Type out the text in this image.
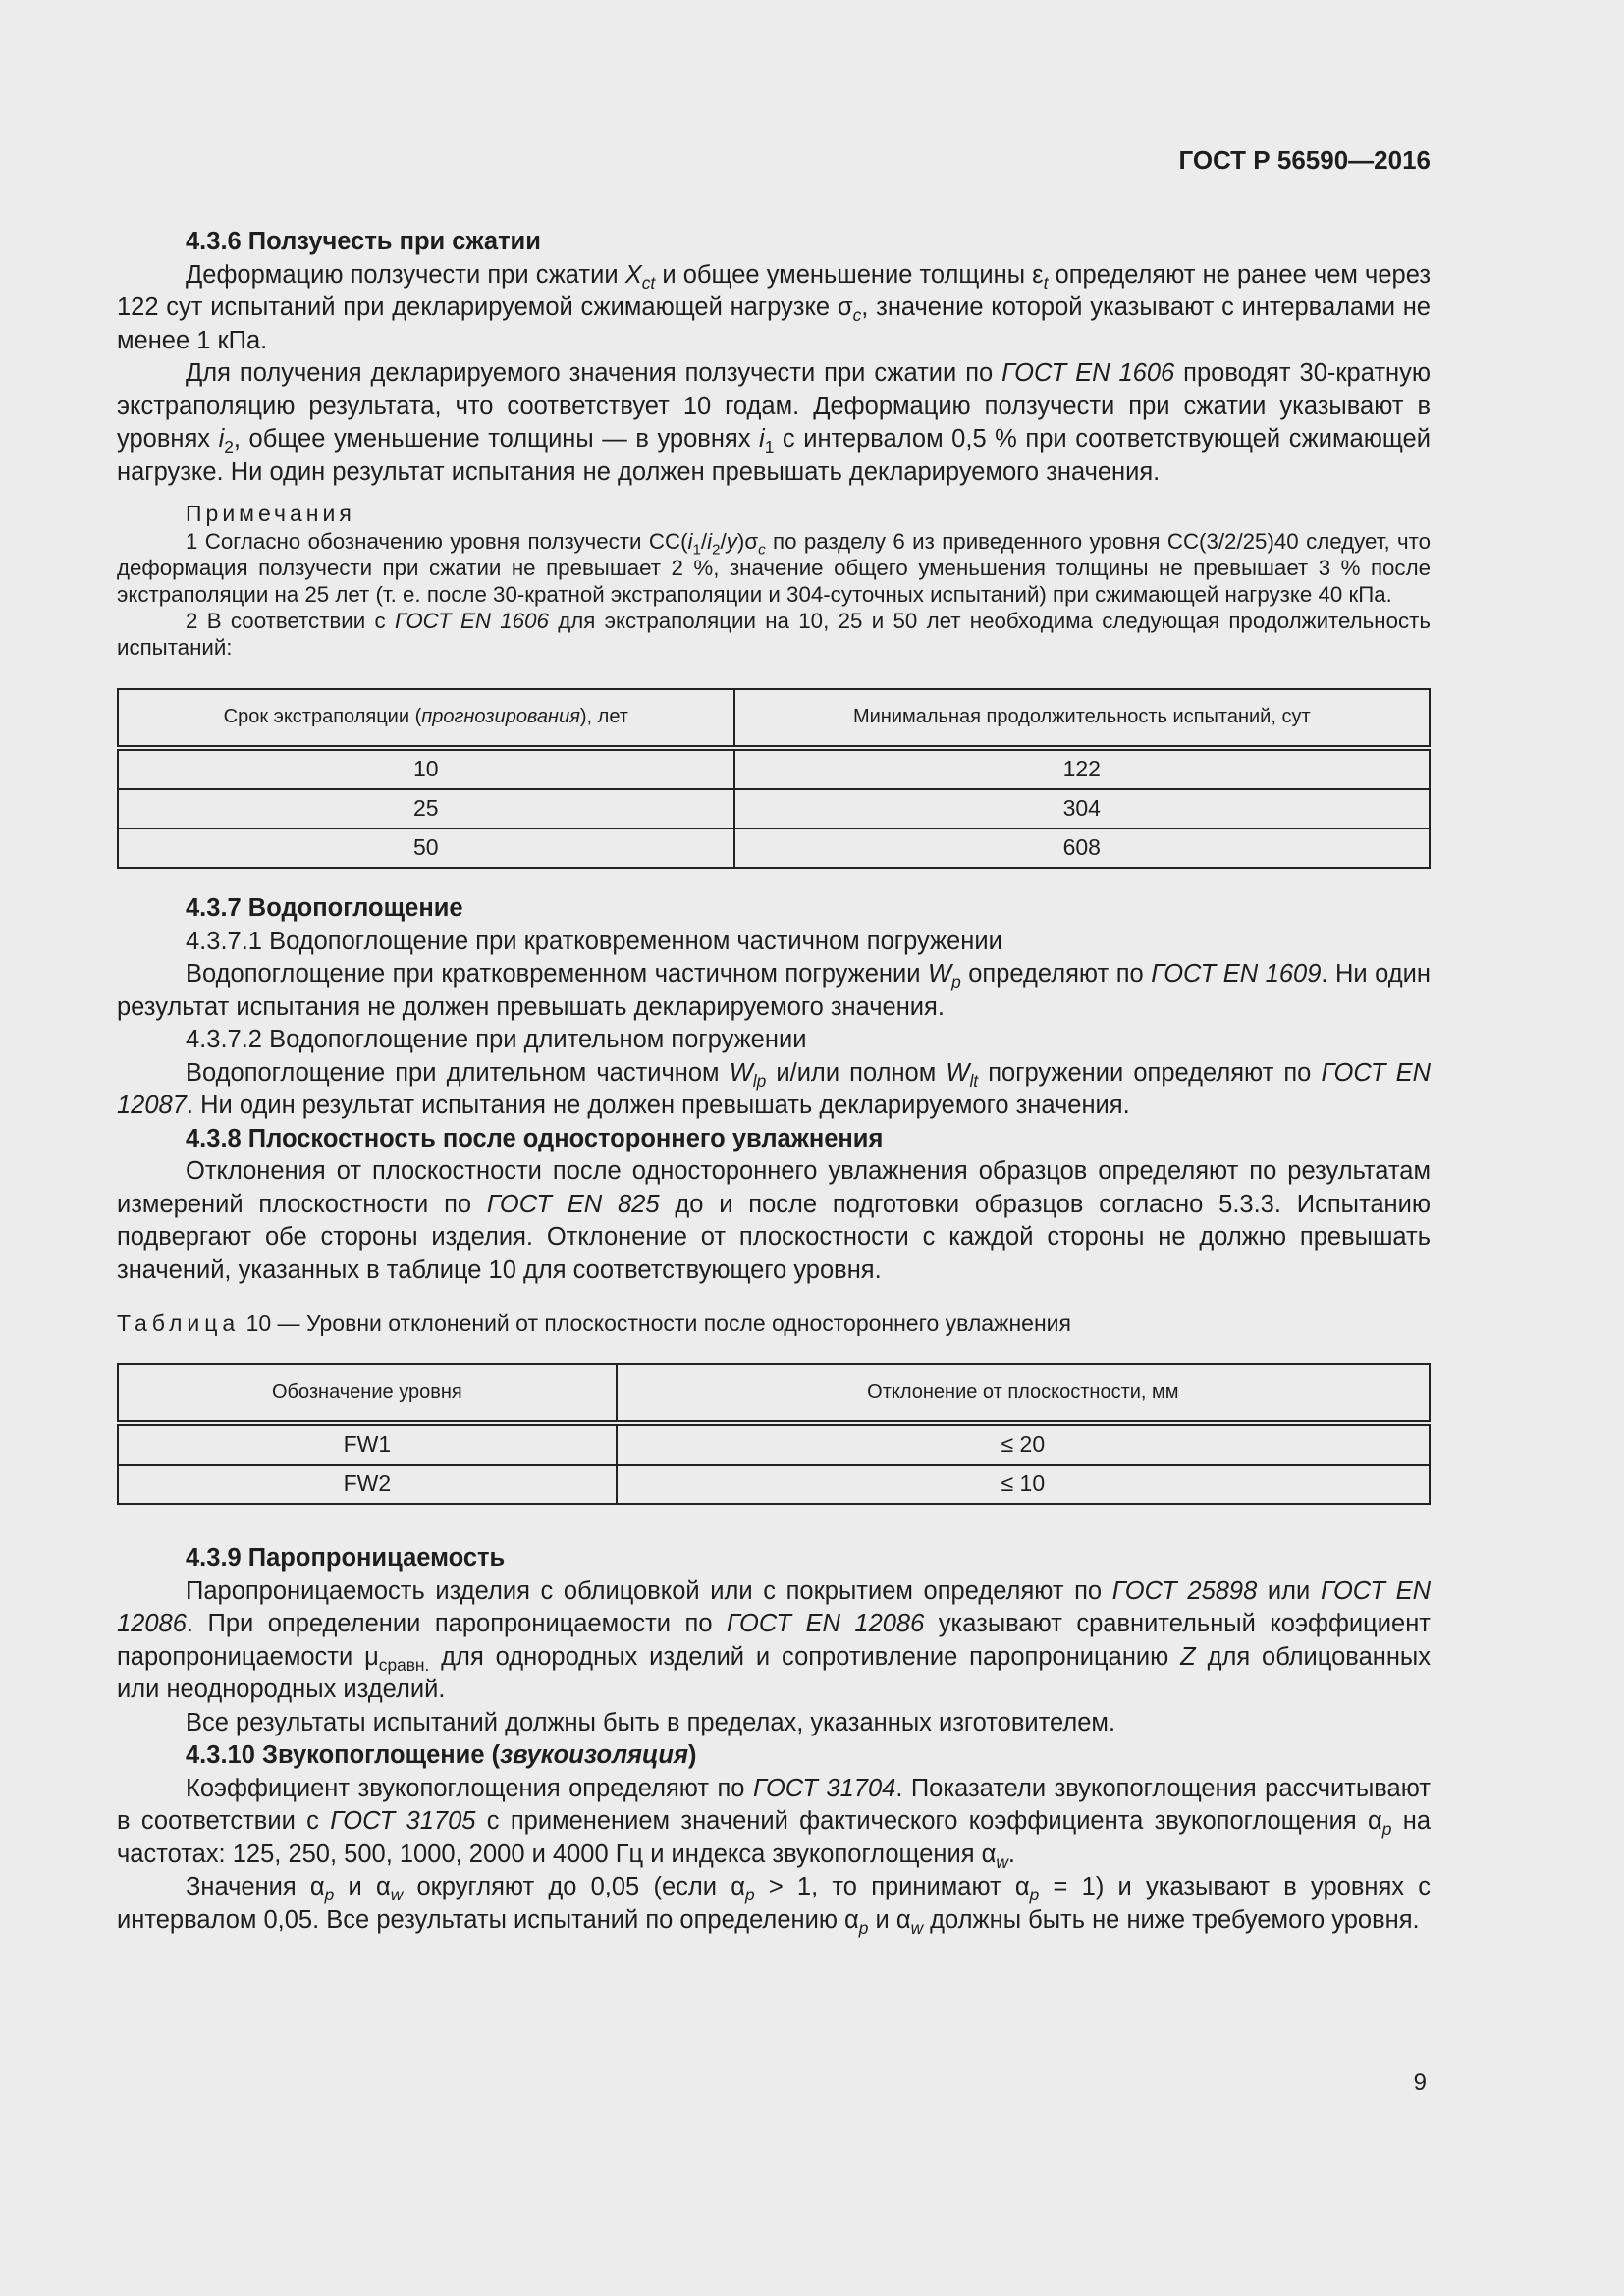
ГОСТ Р 56590—2016

4.3.6 Ползучесть при сжатии

Деформацию ползучести при сжатии $X_{ct}$ и общее уменьшение толщины $\varepsilon_t$ определяют не ранее чем через 122 сут испытаний при декларируемой сжимающей нагрузке $\sigma_c$, значение которой указывают с интервалами не менее 1 кПа.

Для получения декларируемого значения ползучести при сжатии по ГОСТ EN 1606 проводят 30-кратную экстраполяцию результата, что соответствует 10 годам. Деформацию ползучести при сжатии указывают в уровнях $i_2$, общее уменьшение толщины — в уровнях $i_1$ с интервалом 0,5 % при соответствующей сжимающей нагрузке. Ни один результат испытания не должен превышать декларируемого значения.

Примечания

1 Согласно обозначению уровня ползучести $CC(i_1/i_2/y)\sigma_c$ по разделу 6 из приведенного уровня CC(3/2/25)40 следует, что деформация ползучести при сжатии не превышает 2 %, значение общего уменьшения толщины не превышает 3 % после экстраполяции на 25 лет (т. е. после 30-кратной экстраполяции и 304-суточных испытаний) при сжимающей нагрузке 40 кПа.

2 В соответствии с ГОСТ EN 1606 для экстраполяции на 10, 25 и 50 лет необходима следующая продолжительность испытаний:

Срок экстраполяции (прогнозирования), лет	Минимальная продолжительность испытаний, сут
10	122
25	304
50	608

4.3.7 Водопоглощение

4.3.7.1 Водопоглощение при кратковременном частичном погружении

Водопоглощение при кратковременном частичном погружении $W_p$ определяют по ГОСТ EN 1609. Ни один результат испытания не должен превышать декларируемого значения.

4.3.7.2 Водопоглощение при длительном погружении

Водопоглощение при длительном частичном $W_{lp}$ и/или полном $W_{lt}$ погружении определяют по ГОСТ EN 12087. Ни один результат испытания не должен превышать декларируемого значения.

4.3.8 Плоскостность после одностороннего увлажнения

Отклонения от плоскостности после одностороннего увлажнения образцов определяют по результатам измерений плоскостности по ГОСТ EN 825 до и после подготовки образцов согласно 5.3.3. Испытанию подвергают обе стороны изделия. Отклонение от плоскостности с каждой стороны не должно превышать значений, указанных в таблице 10 для соответствующего уровня.

Таблица 10 — Уровни отклонений от плоскостности после одностороннего увлажнения

Обозначение уровня	Отклонение от плоскостности, мм
FW1	≤ 20
FW2	≤ 10

4.3.9 Паропроницаемость

Паропроницаемость изделия с облицовкой или с покрытием определяют по ГОСТ 25898 или ГОСТ EN 12086. При определении паропроницаемости по ГОСТ EN 12086 указывают сравнительный коэффициент паропроницаемости $\mu_{сравн.}$ для однородных изделий и сопротивление паропроницанию Z для облицованных или неоднородных изделий.

Все результаты испытаний должны быть в пределах, указанных изготовителем.

4.3.10 Звукопоглощение (звукоизоляция)

Коэффициент звукопоглощения определяют по ГОСТ 31704. Показатели звукопоглощения рассчитывают в соответствии с ГОСТ 31705 с применением значений фактического коэффициента звукопоглощения $\alpha_p$ на частотах: 125, 250, 500, 1000, 2000 и 4000 Гц и индекса звукопоглощения $\alpha_w$.

Значения $\alpha_p$ и $\alpha_w$ округляют до 0,05 (если $\alpha_p > 1$, то принимают $\alpha_p = 1$) и указывают в уровнях с интервалом 0,05. Все результаты испытаний по определению $\alpha_p$ и $\alpha_w$ должны быть не ниже требуемого уровня.

9
